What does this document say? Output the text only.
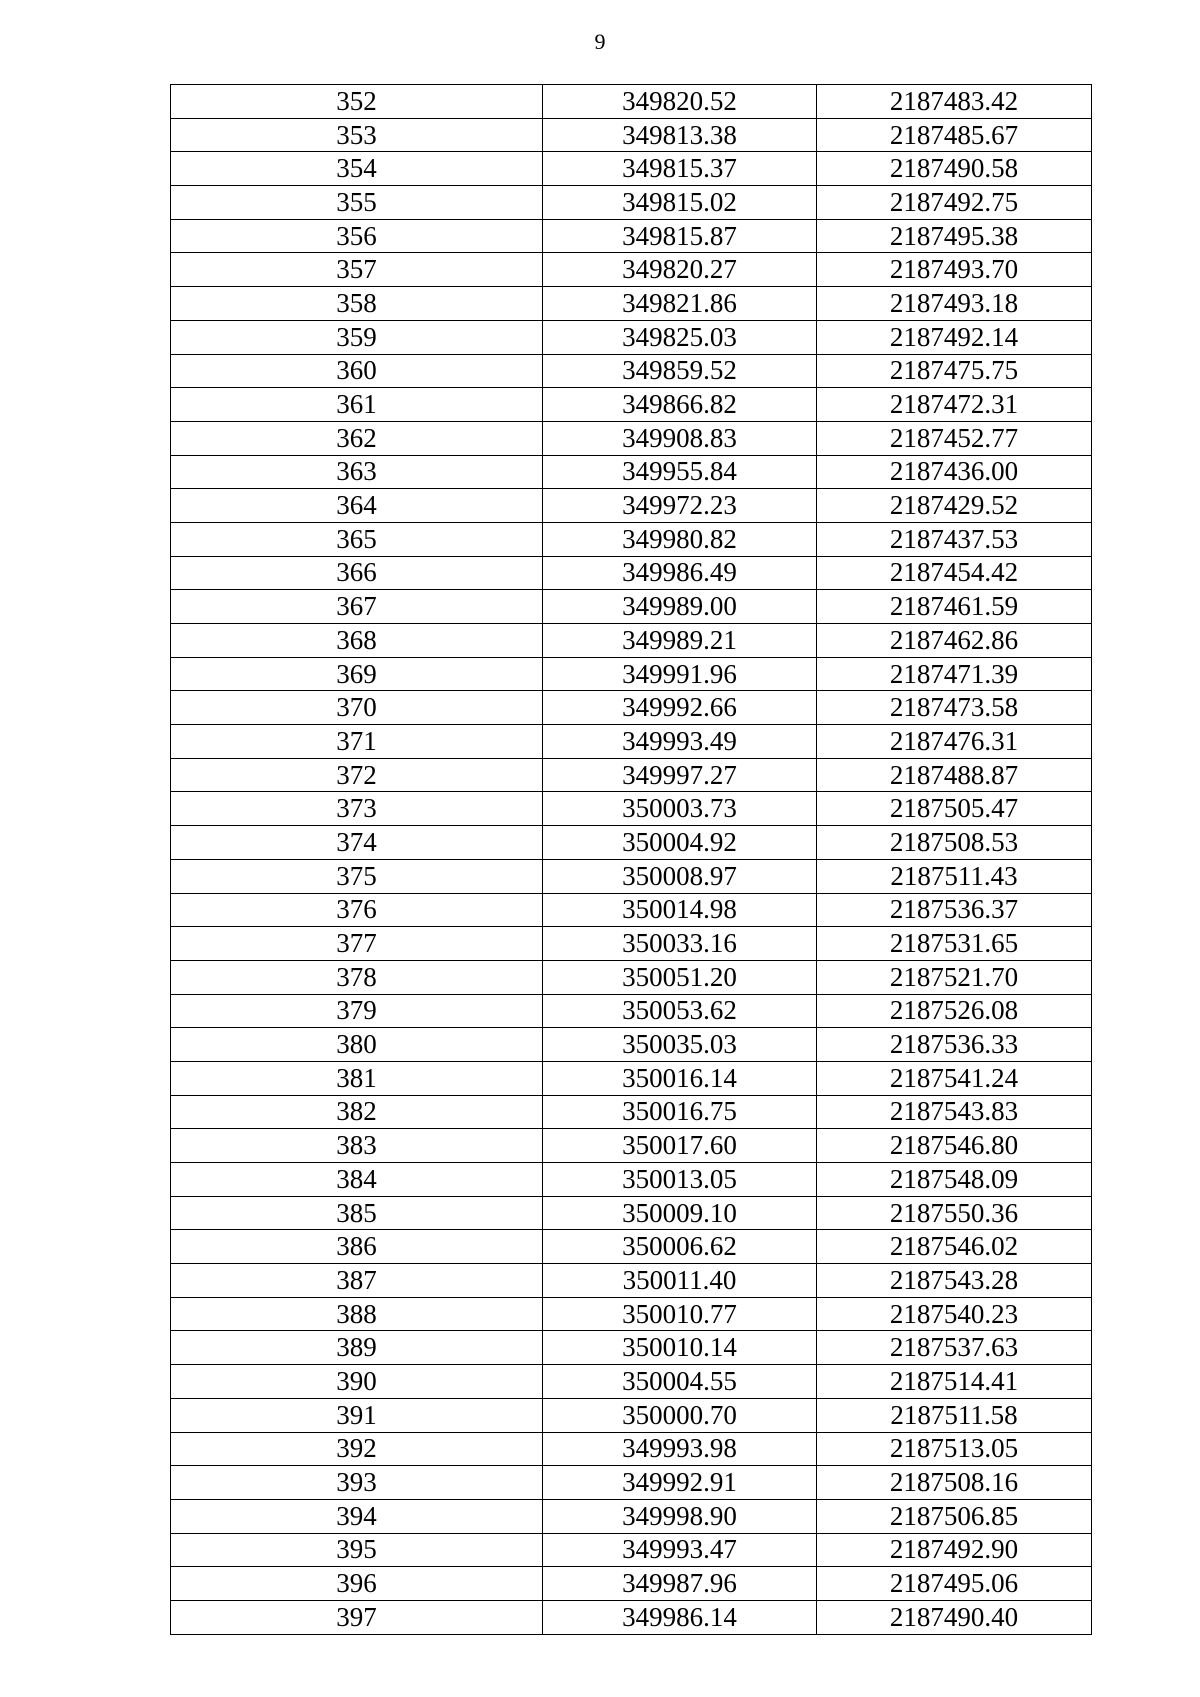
9
352	349820.52	2187483.42
353	349813.38	2187485.67
354	349815.37	2187490.58
355	349815.02	2187492.75
356	349815.87	2187495.38
357	349820.27	2187493.70
358	349821.86	2187493.18
359	349825.03	2187492.14
360	349859.52	2187475.75
361	349866.82	2187472.31
362	349908.83	2187452.77
363	349955.84	2187436.00
364	349972.23	2187429.52
365	349980.82	2187437.53
366	349986.49	2187454.42
367	349989.00	2187461.59
368	349989.21	2187462.86
369	349991.96	2187471.39
370	349992.66	2187473.58
371	349993.49	2187476.31
372	349997.27	2187488.87
373	350003.73	2187505.47
374	350004.92	2187508.53
375	350008.97	2187511.43
376	350014.98	2187536.37
377	350033.16	2187531.65
378	350051.20	2187521.70
379	350053.62	2187526.08
380	350035.03	2187536.33
381	350016.14	2187541.24
382	350016.75	2187543.83
383	350017.60	2187546.80
384	350013.05	2187548.09
385	350009.10	2187550.36
386	350006.62	2187546.02
387	350011.40	2187543.28
388	350010.77	2187540.23
389	350010.14	2187537.63
390	350004.55	2187514.41
391	350000.70	2187511.58
392	349993.98	2187513.05
393	349992.91	2187508.16
394	349998.90	2187506.85
395	349993.47	2187492.90
396	349987.96	2187495.06
397	349986.14	2187490.40
